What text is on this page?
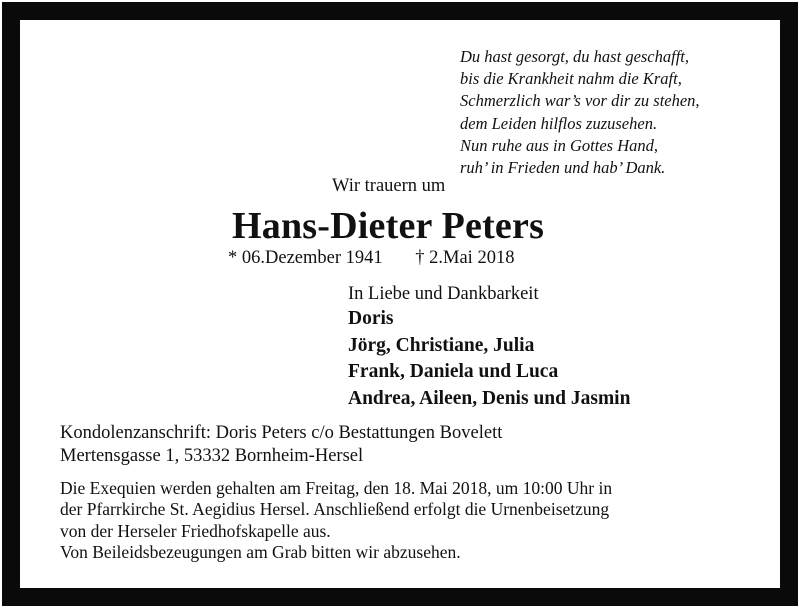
Du hast gesorgt, du hast geschafft,
bis die Krankheit nahm die Kraft,
Schmerzlich war’s vor dir zu stehen,
dem Leiden hilflos zuzusehen.
Nun ruhe aus in Gottes Hand,
ruh’ in Frieden und hab’ Dank.
Wir trauern um
Hans-Dieter Peters
* 06.Dezember 1941 † 2.Mai 2018
In Liebe und Dankbarkeit
Doris
Jörg, Christiane, Julia
Frank, Daniela und Luca
Andrea, Aileen, Denis und Jasmin
Kondolenzanschrift: Doris Peters c/o Bestattungen Bovelett
Mertensgasse 1, 53332 Bornheim-Hersel
Die Exequien werden gehalten am Freitag, den 18. Mai 2018, um 10:00 Uhr in
der Pfarrkirche St. Aegidius Hersel. Anschließend erfolgt die Urnenbeisetzung
von der Herseler Friedhofskapelle aus.
Von Beileidsbezeugungen am Grab bitten wir abzusehen.
